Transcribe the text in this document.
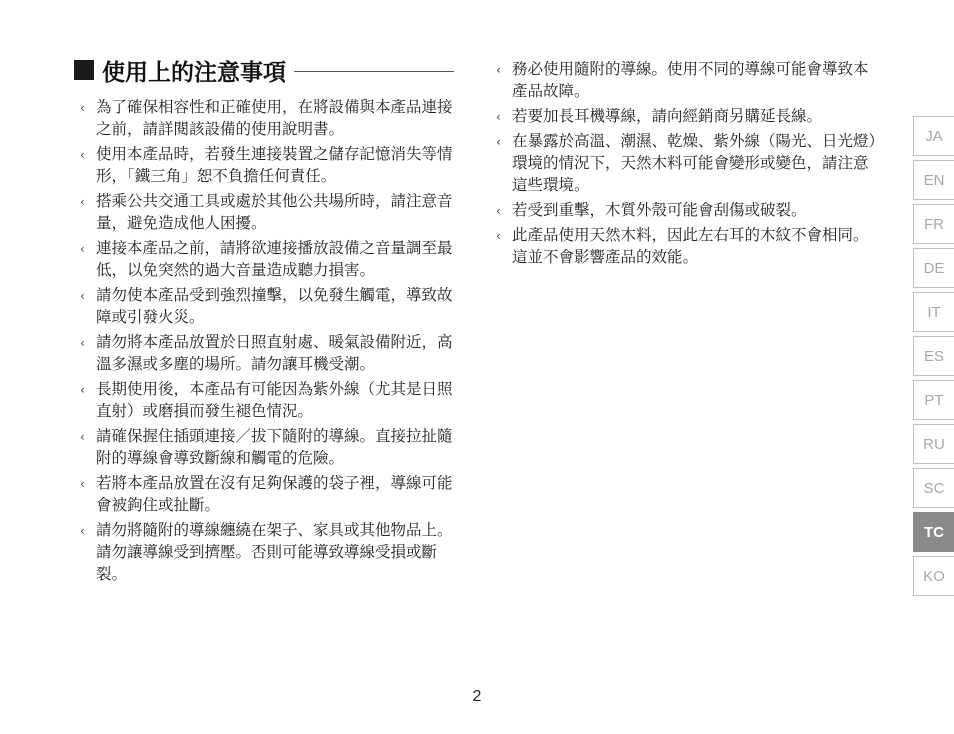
使用上的注意事項
‹ 為了確保相容性和正確使用，在將設備與本產品連接之前，請詳閱該設備的使用說明書。
‹ 使用本產品時，若發生連接裝置之儲存記憶消失等情形，「鐵三角」恕不負擔任何責任。
‹ 搭乘公共交通工具或處於其他公共場所時，請注意音量，避免造成他人困擾。
‹ 連接本產品之前，請將欲連接播放設備之音量調至最低，以免突然的過大音量造成聽力損害。
‹ 請勿使本產品受到強烈撞擊，以免發生觸電，導致故障或引發火災。
‹ 請勿將本產品放置於日照直射處、暖氣設備附近，高溫多濕或多塵的場所。請勿讓耳機受潮。
‹ 長期使用後，本產品有可能因為紫外線（尤其是日照直射）或磨損而發生褪色情況。
‹ 請確保握住插頭連接／拔下隨附的導線。直接拉扯隨附的導線會導致斷線和觸電的危險。
‹ 若將本產品放置在沒有足夠保護的袋子裡，導線可能會被鉤住或扯斷。
‹ 請勿將隨附的導線纏繞在架子、家具或其他物品上。請勿讓導線受到擠壓。否則可能導致導線受損或斷裂。
‹ 務必使用隨附的導線。使用不同的導線可能會導致本產品故障。
‹ 若要加長耳機導線，請向經銷商另購延長線。
‹ 在暴露於高溫、潮濕、乾燥、紫外線（陽光、日光燈）環境的情況下，天然木料可能會變形或變色，請注意這些環境。
‹ 若受到重擊，木質外殼可能會刮傷或破裂。
‹ 此產品使用天然木料，因此左右耳的木紋不會相同。這並不會影響產品的效能。
JA
EN
FR
DE
IT
ES
PT
RU
SC
TC
KO
2
